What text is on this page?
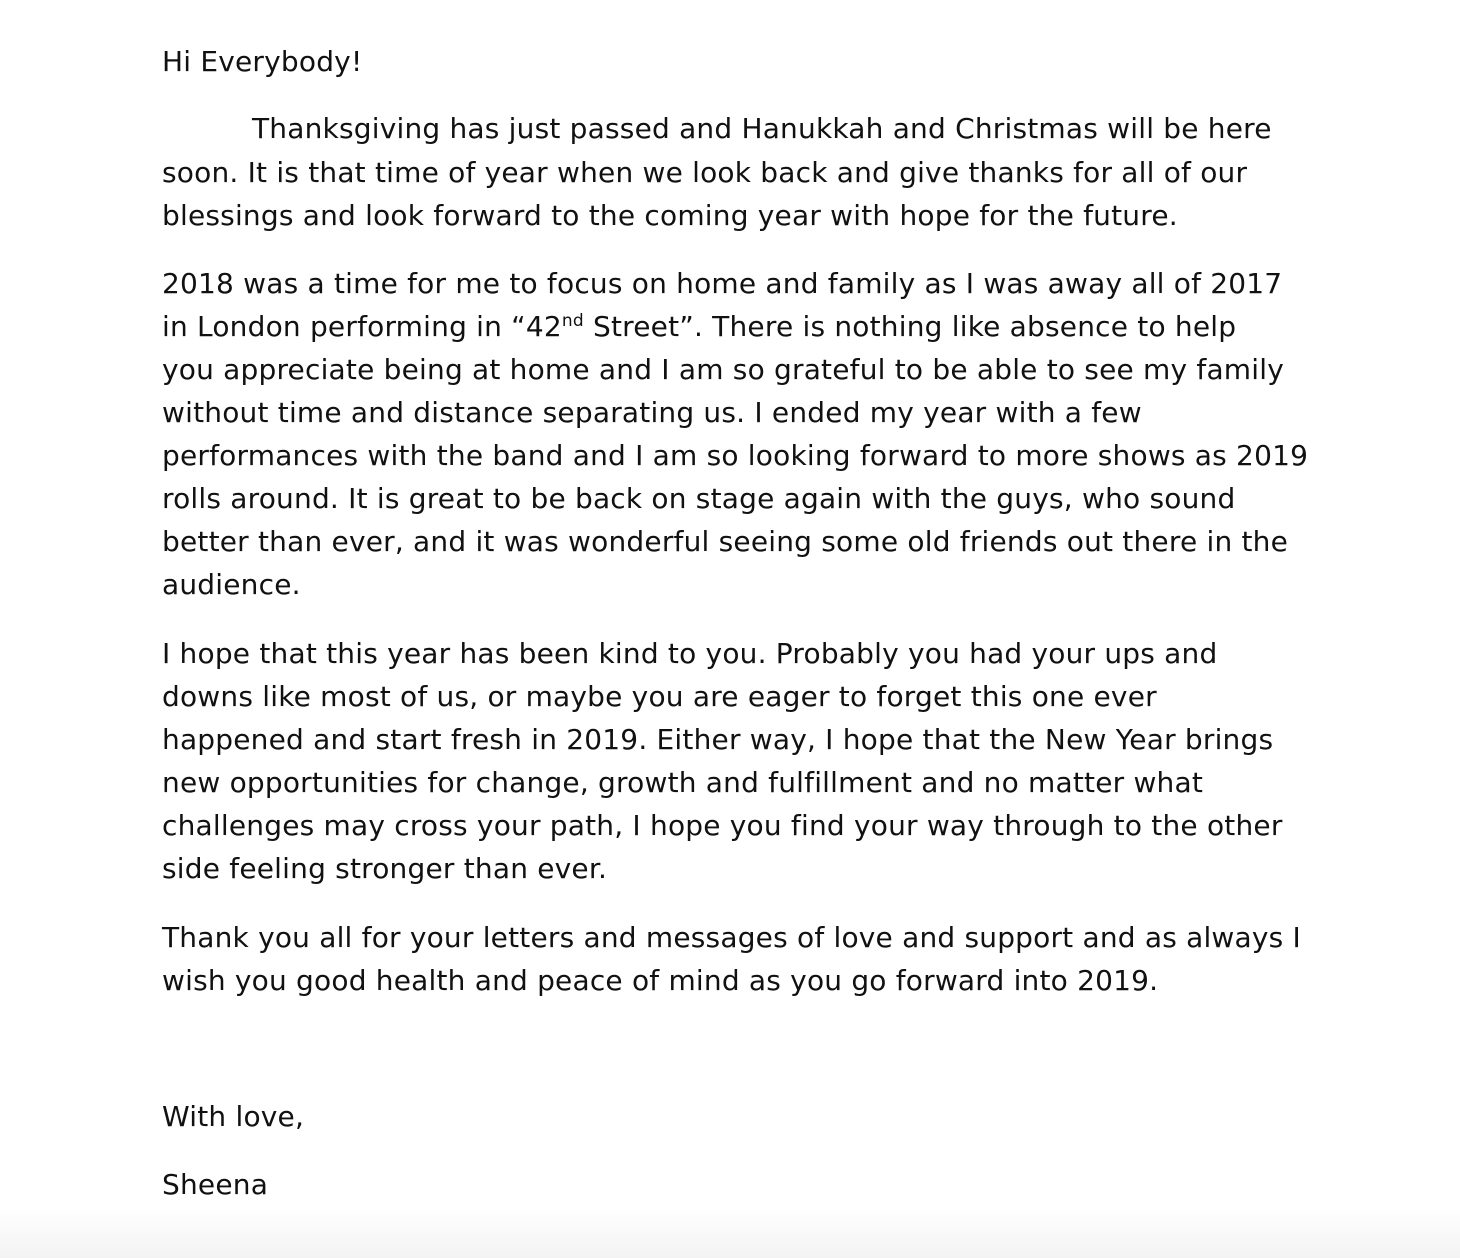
Hi Everybody!
Thanksgiving has just passed and Hanukkah and Christmas will be here
soon. It is that time of year when we look back and give thanks for all of our
blessings and look forward to the coming year with hope for the future.
2018 was a time for me to focus on home and family as I was away all of 2017
in London performing in “42nd Street”. There is nothing like absence to help
you appreciate being at home and I am so grateful to be able to see my family
without time and distance separating us. I ended my year with a few
performances with the band and I am so looking forward to more shows as 2019
rolls around. It is great to be back on stage again with the guys, who sound
better than ever, and it was wonderful seeing some old friends out there in the
audience.
I hope that this year has been kind to you. Probably you had your ups and
downs like most of us, or maybe you are eager to forget this one ever
happened and start fresh in 2019. Either way, I hope that the New Year brings
new opportunities for change, growth and fulfillment and no matter what
challenges may cross your path, I hope you find your way through to the other
side feeling stronger than ever.
Thank you all for your letters and messages of love and support and as always I
wish you good health and peace of mind as you go forward into 2019.
With love,
Sheena
